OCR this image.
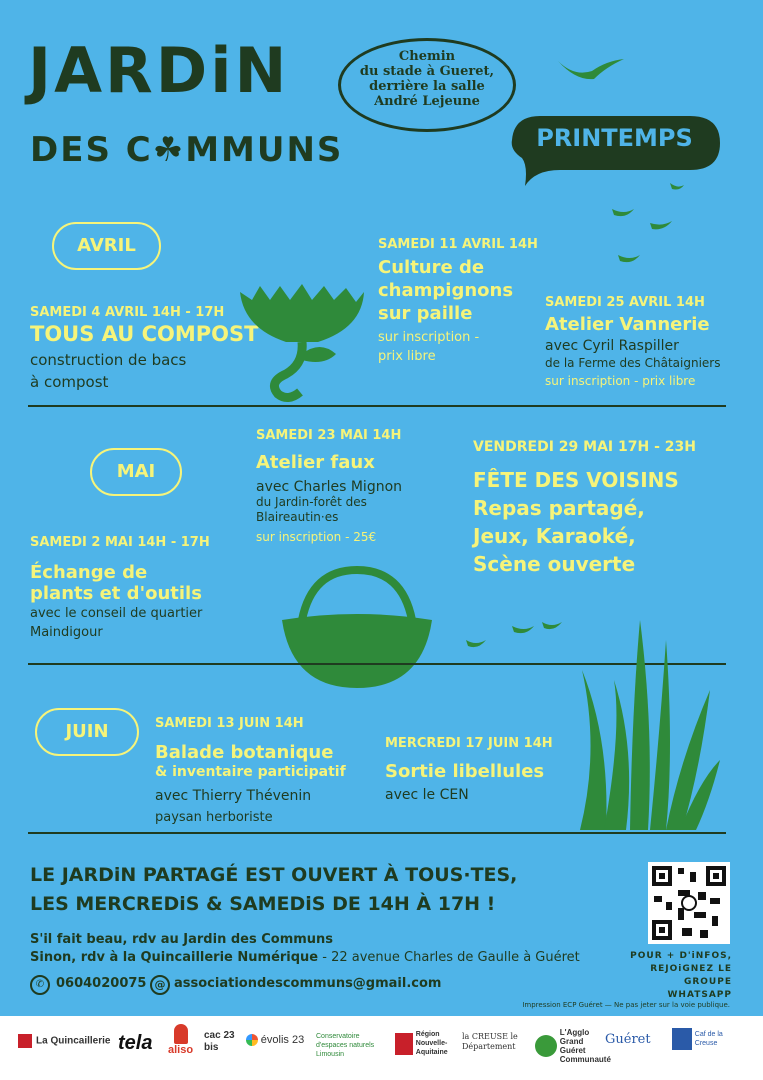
JARDiN
DES C☘MMUNS
Chemin
du stade à Gueret,
derrière la salle
André Lejeune
PRINTEMPS
AVRIL
SAMEDI 4 AVRIL 14H - 17H
TOUS AU COMPOST
construction de bacs
à compost
SAMEDI 11 AVRIL 14H
Culture de
champignons
sur paille
sur inscription -
prix libre
SAMEDI 25 AVRIL 14H
Atelier Vannerie
avec Cyril Raspiller
de la Ferme des Châtaigniers
sur inscription - prix libre
MAI
SAMEDI 2 MAI 14H - 17H
Échange de
plants et d'outils
avec le conseil de quartier
Maindigour
SAMEDI 23 MAI 14H
Atelier faux
avec Charles Mignon
du Jardin-forêt des
Blaireautin·es
sur inscription - 25€
VENDREDI 29 MAI 17H - 23H
FÊTE DES VOISINS
Repas partagé,
Jeux, Karaoké,
Scène ouverte
JUIN	SAMEDI 13 JUIN 14H
Balade botanique
& inventaire participatif
avec Thierry Thévenin
paysan herboriste
MERCREDI 17 JUIN 14H
Sortie libellules
avec le CEN
LE JARDiN PARTAGÉ EST OUVERT À TOUS·TES,
LES MERCREDiS & SAMEDiS DE 14H À 17H !
POUR + D'iNFOS,
REJOiGNEZ LE GROUPE
WHATSAPP
S'il fait beau, rdv au Jardin des Communs
Sinon, rdv à la Quincaillerie Numérique - 22 avenue Charles de Gaulle à Guéret
✆ 0604020075 @ associationdescommuns@gmail.com
Impression ECP Guéret — Ne pas jeter sur la voie publique.
La Quincaillerie tela aliso
cac 23 bis
évolis 23 Conservatoire d'espaces naturels Limousin
Région Nouvelle-Aquitaine
la CREUSE le Département
L'Agglo Grand Guéret Communauté
Guéret	Caf de la Creuse
